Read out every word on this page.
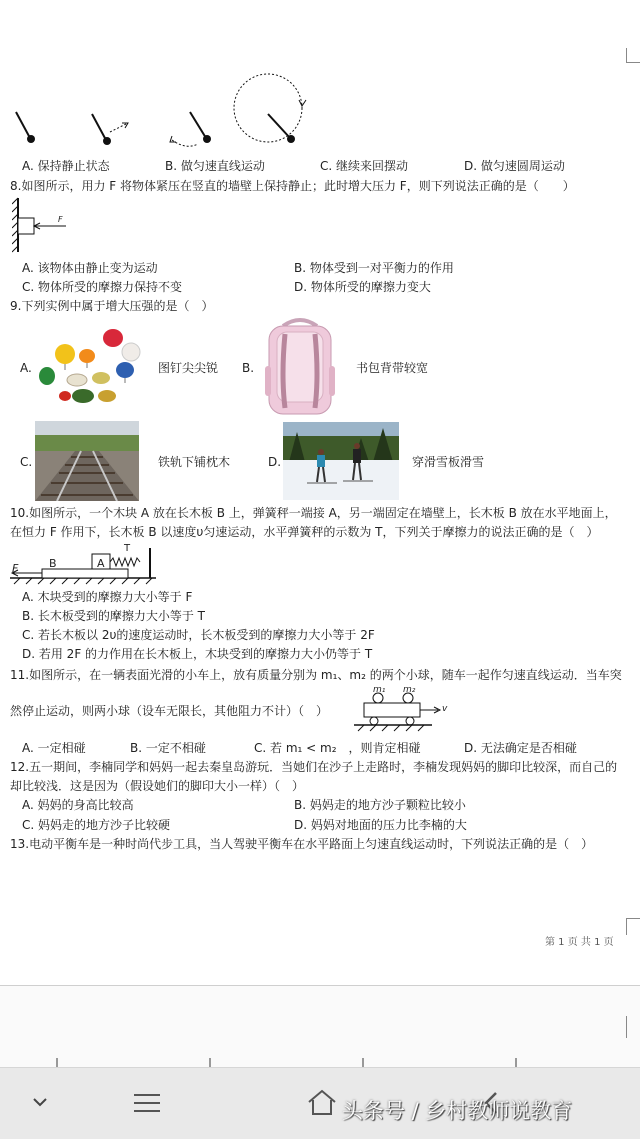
A. 保持静止状态	B. 做匀速直线运动	C. 继续来回摆动	D. 做匀速圆周运动
8.如图所示，用力 F 将物体紧压在竖直的墙壁上保持静止；此时增大压力 F，则下列说法正确的是（　　）
F
A. 该物体由静止变为运动	B. 物体受到一对平衡力的作用
C. 物体所受的摩擦力保持不变	D. 物体所受的摩擦力变大
9.下列实例中属于增大压强的是（　）
A.	图钉尖尖锐 B.	书包背带较宽
C.	铁轨下铺枕木	D.	穿滑雪板滑雪
10.如图所示，一个木块 A 放在长木板 B 上，弹簧秤一端接 A，另一端固定在墙壁上，长木板 B 放在水平地面上，
在恒力 F 作用下，长木板 B 以速度υ匀速运动，水平弹簧秤的示数为 T，下列关于摩擦力的说法正确的是（　）
F	B	A
T
A. 木块受到的摩擦力大小等于 F
B. 长木板受到的摩擦力大小等于 T
C. 若长木板以 2υ的速度运动时，长木板受到的摩擦力大小等于 2F
D. 若用 2F 的力作用在长木板上，木块受到的摩擦力大小仍等于 T
11.如图所示，在一辆表面光滑的小车上，放有质量分别为 m₁、m₂ 的两个小球，随车一起作匀速直线运动．当车突
然停止运动，则两小球（设车无限长，其他阻力不计）（　）
m₁ m₂
v
A. 一定相碰	B. 一定不相碰	C. 若 m₁ < m₂　，则肯定相碰	D. 无法确定是否相碰
12.五一期间，李楠同学和妈妈一起去秦皇岛游玩．当她们在沙子上走路时，李楠发现妈妈的脚印比较深，而自己的
却比较浅．这是因为（假设她们的脚印大小一样）（　）
A. 妈妈的身高比较高	B. 妈妈走的地方沙子颗粒比较小
C. 妈妈走的地方沙子比较硬	D. 妈妈对地面的压力比李楠的大
13.电动平衡车是一种时尚代步工具，当人驾驶平衡车在水平路面上匀速直线运动时，下列说法正确的是（　）
第 1 页 共 1 页
头条号 / 乡村教师说教育
